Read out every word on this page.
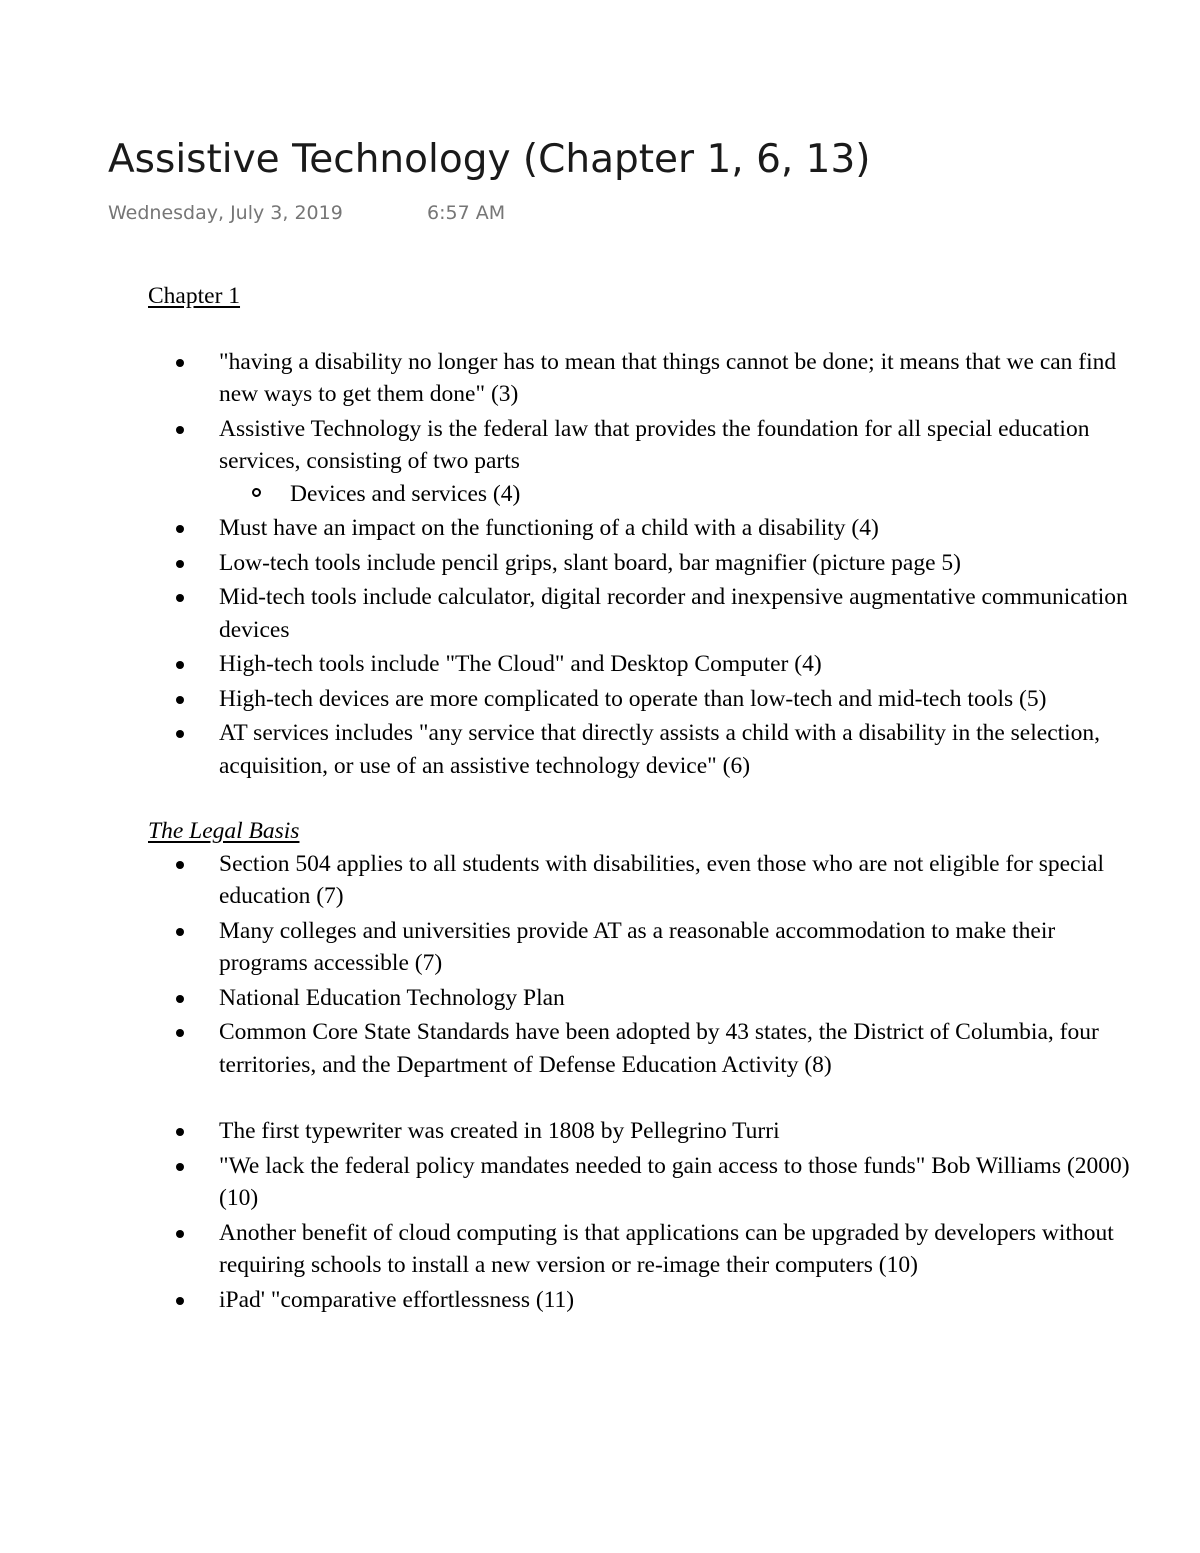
Assistive Technology (Chapter 1, 6, 13)
Wednesday, July 3, 2019	6:57 AM
Chapter 1
"having a disability no longer has to mean that things cannot be done; it means that we can find new ways to get them done" (3)
Assistive Technology is the federal law that provides the foundation for all special education services, consisting of two parts
Devices and services (4)
Must have an impact on the functioning of a child with a disability (4)
Low-tech tools include pencil grips, slant board, bar magnifier (picture page 5)
Mid-tech tools include calculator, digital recorder and inexpensive augmentative communication devices
High-tech tools include "The Cloud" and Desktop Computer (4)
High-tech devices are more complicated to operate than low-tech and mid-tech tools (5)
AT services includes "any service that directly assists a child with a disability in the selection, acquisition, or use of an assistive technology device" (6)
The Legal Basis
Section 504 applies to all students with disabilities, even those who are not eligible for special education (7)
Many colleges and universities provide AT as a reasonable accommodation to make their programs accessible (7)
National Education Technology Plan
Common Core State Standards have been adopted by 43 states, the District of Columbia, four territories, and the Department of Defense Education Activity (8)
The first typewriter was created in 1808 by Pellegrino Turri
"We lack the federal policy mandates needed to gain access to those funds" Bob Williams (2000) (10)
Another benefit of cloud computing is that applications can be upgraded by developers without requiring schools to install a new version or re-image their computers (10)
iPad' "comparative effortlessness (11)
